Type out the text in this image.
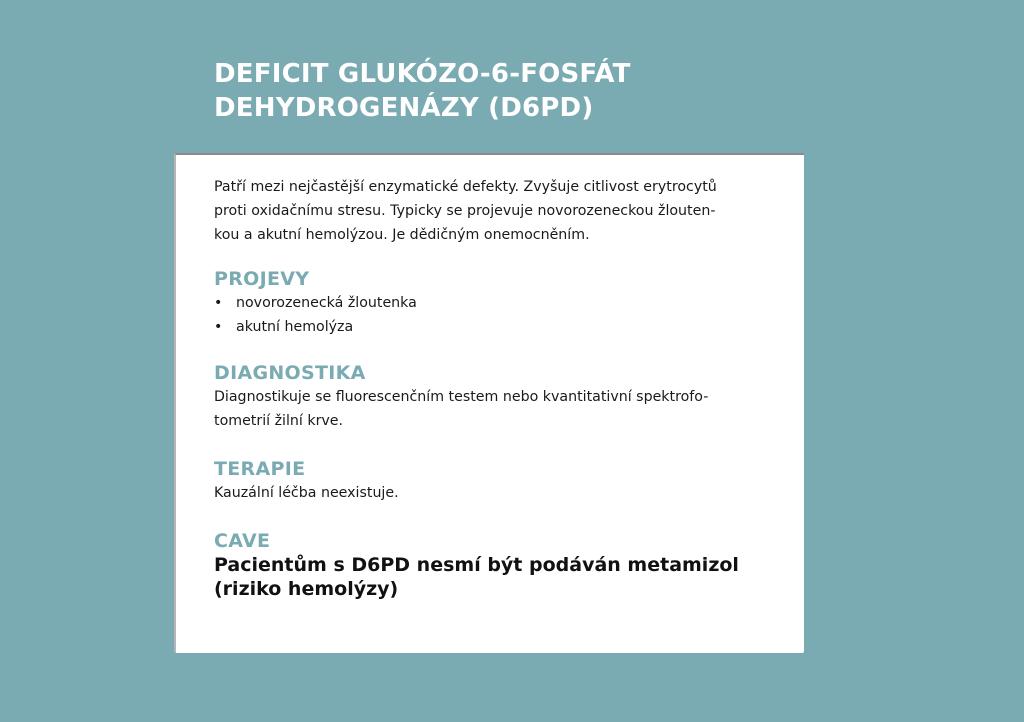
DEFICIT GLUKÓZO-6-FOSFÁT
DEHYDROGENÁZY (D6PD)

Patří mezi nejčastější enzymatické defekty. Zvyšuje citlivost erytrocytů
proti oxidačnímu stresu. Typicky se projevuje novorozeneckou žlouten-
kou a akutní hemolýzou. Je dědičným onemocněním.

PROJEVY
• novorozenecká žloutenka
• akutní hemolýza
DIAGNOSTIKA

Diagnostikuje se fluorescenčním testem nebo kvantitativní spektrofo-
tometrií žilní krve.

TERAPIE

Kauzální léčba neexistuje.

CAVE

Pacientům s D6PD nesmí být podáván metamizol
(riziko hemolýzy)
